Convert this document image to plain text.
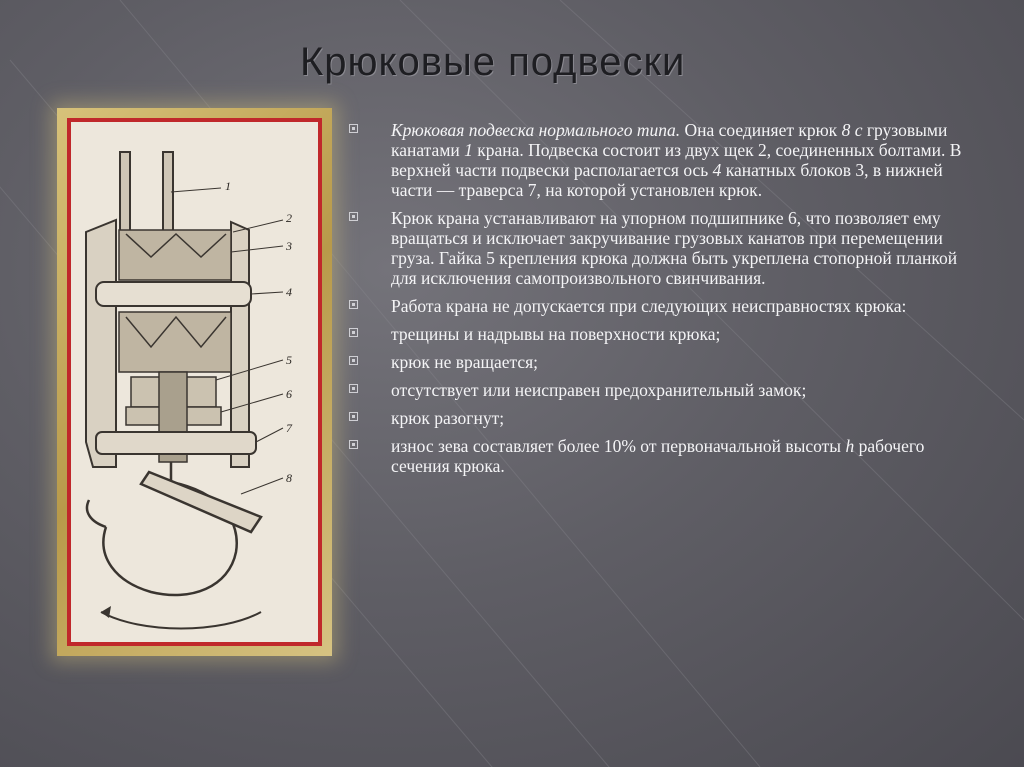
Крюковые подвески
1
2
3
4
5
6
7
8
Крюковая подвеска нормального типа. Она соединяет крюк 8 с грузовыми канатами 1 крана. Подвеска состоит из двух щек 2, соединенных болтами. В верхней части подвески располагается ось 4 канатных блоков 3, в нижней части — траверса 7, на которой установлен крюк.
Крюк крана устанавливают на упорном подшипнике 6, что позволяет ему вращаться и исключает закручивание грузовых канатов при перемещении груза. Гайка 5 крепления крюка должна быть укреплена стопорной планкой для исключения самопроизвольного свинчивания.
Работа крана не допускается при следующих неисправностях крюка:
трещины и надрывы на поверхности крюка;
крюк не вращается;
отсутствует или неисправен предохранительный замок;
крюк разогнут;
износ зева составляет более 10% от первоначальной высоты h рабочего сечения крюка.
